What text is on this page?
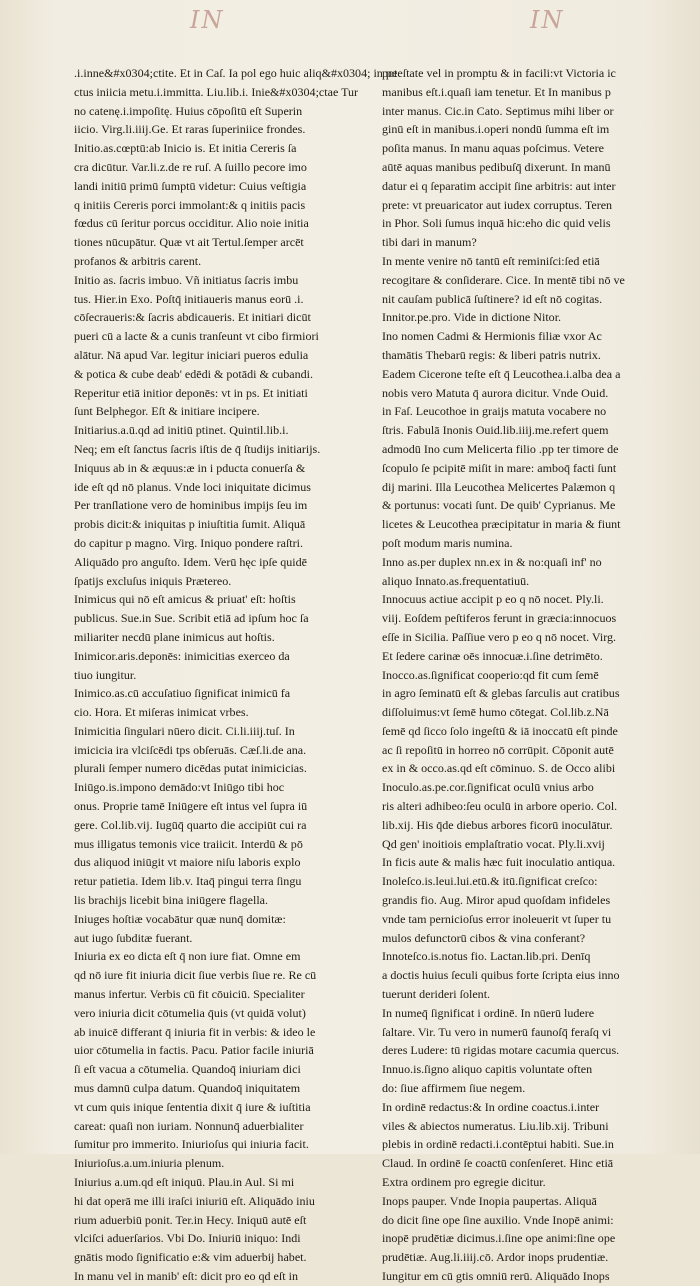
IN	IN
.i.inne&#x0304;ctite. Et in Caſ. Ia pol ego huic aliq&#x0304; in pe
ctus iniicia metu.i.immitta. Liu.lib.i. Inie&#x0304;ctae Tur
no catenę.i.impoſitę. Huius cōpoſitū eſt Superin
iicio. Virg.li.iiij.Ge. Et raras ſuperiniice frondes.
Initio.as.cœptū:ab Inicio is. Et initia Cereris ſa
cra dicūtur. Var.li.z.de re ruſ. A ſuillo pecore imo
landi initiū primū ſumptū videtur: Cuius veſtigia
q initiis Cereris porci immolant:& q initiis pacis
fœdus cū ſeritur porcus occiditur. Alio noie initia
tiones nūcupātur. Quæ vt ait Tertul.ſemper arcēt
profanos & arbitris carent.
Initio as. ſacris imbuo. Vñ initiatus ſacris imbu
tus. Hier.in Exo. Poſtq̄ initiaueris manus eorū .i.
cōſecraueris:& ſacris abdicaueris. Et initiari dicūt
pueri cū a lacte & a cunis tranſeunt vt cibo firmiori
alātur. Nā apud Var. legitur iniciari pueros edulia
& potica & cube deab' edēdi & potādi & cubandi.
Reperitur etiā initior deponēs: vt in ps. Et initiati
ſunt Belphegor. Eſt & initiare incipere.
Initiarius.a.ū.qd ad initiū ptinet. Quintil.lib.i.
Neq; em eſt ſanctus ſacris iſtis de q̄ ſtudijs initiarijs.
Iniquus ab in & æquus:æ in i pducta conuerſa &
ide eſt qd nō planus. Vnde loci iniquitate dicimus
Per tranſlatione vero de hominibus impijs ſeu im
probis dicit:& iniquitas p iniuſtitia ſumit. Aliquā
do capitur p magno. Virg. Iniquo pondere raſtri.
Aliquādo pro anguſto. Idem. Verū hęc ipſe quidē
ſpatijs excluſus iniquis Prætereo.
Inimicus qui nō eſt amicus & priuat' eſt: hoſtis
publicus. Sue.in Sue. Scribit etiā ad ipſum hoc ſa
miliariter necdū plane inimicus aut hoſtis.
Inimicor.aris.deponēs: inimicitias exerceo da
tiuo iungitur.
Inimico.as.cū accuſatiuo ſignificat inimicū fa
cio. Hora. Et miſeras inimicat vrbes.
Inimicitia ſingulari nūero dicit. Ci.li.iiij.tuſ. In
imicicia ira vlciſcēdi tps obſeruās. Cæſ.li.de ana.
plurali ſemper numero dicēdas putat inimicicias.
Iniūgo.is.impono demādo:vt Iniūgo tibi hoc
onus. Proprie tamē Iniūgere eſt intus vel ſupra iū
gere. Col.lib.vij. Iugūq̄ quarto die accipiūt cui ra
mus illigatus temonis vice traiicit. Interdū & pō
dus aliquod iniūgit vt maiore niſu laboris explo
retur patietia. Idem lib.v. Itaq̄ pingui terra ſingu
lis brachijs licebit bina iniūgere flagella.
Iniuges hoſtiæ vocabātur quæ nunq̄ domitæ:
aut iugo ſubditæ fuerant.
Iniuria ex eo dicta eſt q̄ non iure fiat. Omne em
qd nō iure fit iniuria dicit ſiue verbis ſiue re. Re cū
manus infertur. Verbis cū fit cōuiciū. Specialiter
vero iniuria dicit cōtumelia q̄uis (vt quidā volut)
ab inuicē differant q̄ iniuria fit in verbis: & ideo le
uior cōtumelia in factis. Pacu. Patior facile iniuriā
ſi eſt vacua a cōtumelia. Quandoq̄ iniuriam dici
mus damnū culpa datum. Quandoq̄ iniquitatem
vt cum quis inique ſententia dixit q̄ iure & iuſtitia
careat: quaſi non iuriam. Nonnunq̄ aduerbialiter
ſumitur pro immerito. Iniurioſus qui iniuria facit.
Iniurioſus.a.um.iniuria plenum.
Iniurius a.um.qd eſt iniquū. Plau.in Aul. Si mi
hi dat operā me illi iraſci iniuriū eſt. Aliquādo iniu
rium aduerbiū ponit. Ter.in Hecy. Iniquū autē eſt
vlciſci aduerſarios. Vbi Do. Iniuriū iniquo: Indi
gnātis modo ſignificatio e:& vim aduerbij habet.
In manu vel in manib' eſt: dicit pro eo qd eſt in
poteſtate vel in promptu & in facili:vt Victoria ic
manibus eſt.i.quaſi iam tenetur. Et In manibus p
inter manus. Cic.in Cato. Septimus mihi liber or
ginū eſt in manibus.i.operi nondū ſumma eſt im
poſita manus. In manu aquas poſcimus. Vetere
aūtē aquas manibus pedibuſq̄ dixerunt. In manū
datur ei q ſeparatim accipit ſine arbitris: aut inter
prete: vt preuaricator aut iudex corruptus. Teren
in Phor. Soli ſumus inquā hic:eho dic quid velis
tibi dari in manum?
In mente venire nō tantū eſt reminiſci:ſed etiā
recogitare & conſiderare. Cice. In mentē tibi nō ve
nit cauſam publicā ſuſtinere? id eſt nō cogitas.
Innitor.pe.pro. Vide in dictione Nitor.
Ino nomen Cadmi & Hermionis filiæ vxor Ac
thamātis Thebarū regis: & liberi patris nutrix.
Eadem Cicerone teſte eſt q̄ Leucothea.i.alba dea a
nobis vero Matuta q̄ aurora dicitur. Vnde Ouid.
in Faſ. Leucothoe in graijs matuta vocabere no
ſtris. Fabulā Inonis Ouid.lib.iiij.me.refert quem
admodū Ino cum Melicerta filio .pp ter timore de
ſcopulo ſe pcipitē miſit in mare: amboq̄ facti ſunt
dij marini. Illa Leucothea Melicertes Palæmon q
& portunus: vocati ſunt. De quib' Cyprianus. Me
licetes & Leucothea præcipitatur in maria & fiunt
poſt modum maris numina.
Inno as.per duplex nn.ex in & no:quaſi inf' no
aliquo Innato.as.frequentatiuū.
Innocuus actiue accipit p eo q nō nocet. Ply.li.
viij. Eoſdem peſtiferos ferunt in græcia:innocuos
eſſe in Sicilia. Paſſiue vero p eo q nō nocet. Virg.
Et ſedere carinæ oēs innocuæ.i.ſine detrimēto.
Inocco.as.ſignificat cooperio:qd fit cum ſemē
in agro ſeminatū eſt & glebas ſarculis aut cratibus
diſſoluimus:vt ſemē humo cōtegat. Col.lib.z.Nā
ſemē qd ſicco ſolo ingeſtū & iā inoccatū eſt pinde
ac ſi repoſitū in horreo nō corrūpit. Cōponit autē
ex in & occo.as.qd eſt cōminuo. S. de Occo alibi
Inoculo.as.pe.cor.ſignificat oculū vnius arbo
ris alteri adhibeo:ſeu oculū in arbore operio. Col.
lib.xij. His q̄de diebus arbores ficorū inoculātur.
Qd gen' inoitiois emplaſtratio vocat. Ply.li.xvij
In ficis aute & malis hæc fuit inoculatio antiqua.
Inoleſco.is.leui.lui.etū.& itū.ſignificat creſco:
grandis fio. Aug. Miror apud quoſdam infideles
vnde tam pernicioſus error inoleuerit vt ſuper tu
mulos defunctorū cibos & vina conferant?
Innoteſco.is.notus fio. Lactan.lib.pri. Denīq
a doctis huius ſeculi quibus forte ſcripta eius inno
tuerunt derideri ſolent.
In numeq̄ ſignificat i ordinē. In nūerū ludere
ſaltare. Vir. Tu vero in numerū faunoſq̄ feraſq vi
deres Ludere: tū rigidas motare cacumia quercus.
Innuo.is.ſigno aliquo capitis voluntate often
do: ſiue affirmem ſiue negem.
In ordinē redactus:& In ordine coactus.i.inter
viles & abiectos numeratus. Liu.lib.xij. Tribuni
plebis in ordinē redacti.i.contēptui habiti. Sue.in
Claud. In ordinē ſe coactū conſenſeret. Hinc etiā
Extra ordinem pro egregie dicitur.
Inops pauper. Vnde Inopia paupertas. Aliquā
do dicit ſine ope ſine auxilio. Vnde Inopē animi:
inopē prudētiæ dicimus.i.ſine ope animi:ſine ope
prudētiæ. Aug.li.iiij.cō. Ardor inops prudentiæ.
Iungitur em cū gtis omniū rerū. Aliquādo Inops
